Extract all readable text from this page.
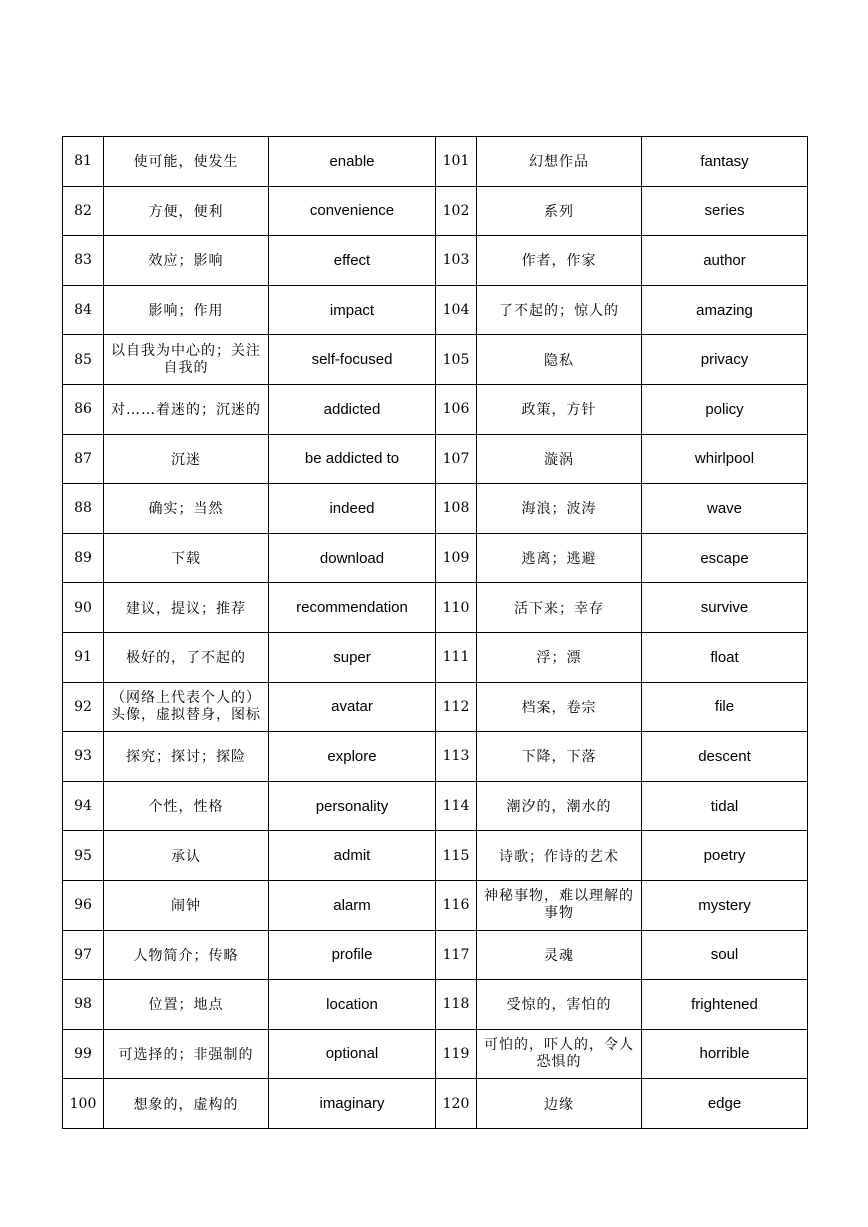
81	使可能，使发生	enable	101	幻想作品	fantasy
82	方便，便利	convenience	102	系列	series
83	效应；影响	effect	103	作者，作家	author
84	影响；作用	impact	104	了不起的；惊人的	amazing
85	以自我为中心的；关注自我的	self-focused	105	隐私	privacy
86	对……着迷的；沉迷的	addicted	106	政策，方针	policy
87	沉迷	be addicted to	107	漩涡	whirlpool
88	确实；当然	indeed	108	海浪；波涛	wave
89	下载	download	109	逃离；逃避	escape
90	建议，提议；推荐	recommendation	110	活下来；幸存	survive
91	极好的，了不起的	super	111	浮；漂	float
92	（网络上代表个人的）头像，虚拟替身，图标	avatar	112	档案，卷宗	file
93	探究；探讨；探险	explore	113	下降，下落	descent
94	个性，性格	personality	114	潮汐的，潮水的	tidal
95	承认	admit	115	诗歌；作诗的艺术	poetry
96	闹钟	alarm	116	神秘事物，难以理解的事物	mystery
97	人物简介；传略	profile	117	灵魂	soul
98	位置；地点	location	118	受惊的，害怕的	frightened
99	可选择的；非强制的	optional	119	可怕的，吓人的，令人恐惧的	horrible
100	想象的，虚构的	imaginary	120	边缘	edge
